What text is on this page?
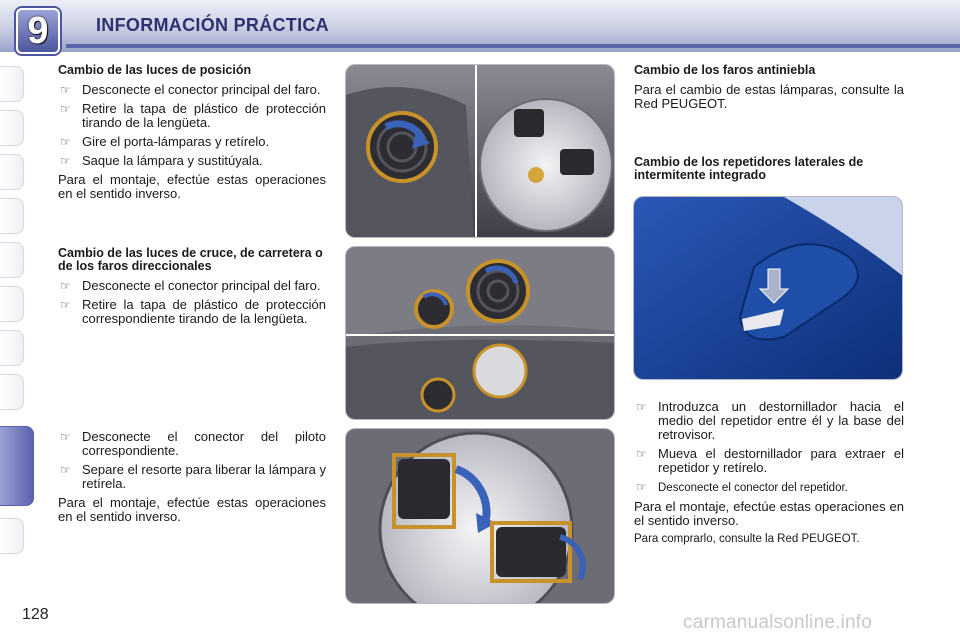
9	INFORMACIÓN PRÁCTICA
Cambio de las luces de posición
☞ Desconecte el conector principal del faro.
☞ Retire la tapa de plástico de protección tirando de la lengüeta.
☞ Gire el porta-lámparas y retírelo.
☞ Saque la lámpara y sustitúyala.
Para el montaje, efectúe estas operaciones en el sentido inverso.
Cambio de las luces de cruce, de carretera o de los faros direccionales
☞ Desconecte el conector principal del faro.
☞ Retire la tapa de plástico de protección correspondiente tirando de la lengüeta.
☞ Desconecte el conector del piloto correspondiente.
☞ Separe el resorte para liberar la lámpara y retírela.
Para el montaje, efectúe estas operaciones en el sentido inverso.
Cambio de los faros antiniebla
Para el cambio de estas lámparas, consulte la Red PEUGEOT.
Cambio de los repetidores laterales de intermitente integrado
☞ Introduzca un destornillador hacia el medio del repetidor entre él y la base del retrovisor.
☞ Mueva el destornillador para extraer el repetidor y retírelo.
☞ Desconecte el conector del repetidor.
Para el montaje, efectúe estas operaciones en el sentido inverso.
Para comprarlo, consulte la Red PEUGEOT.
128	carmanualsonline.info
